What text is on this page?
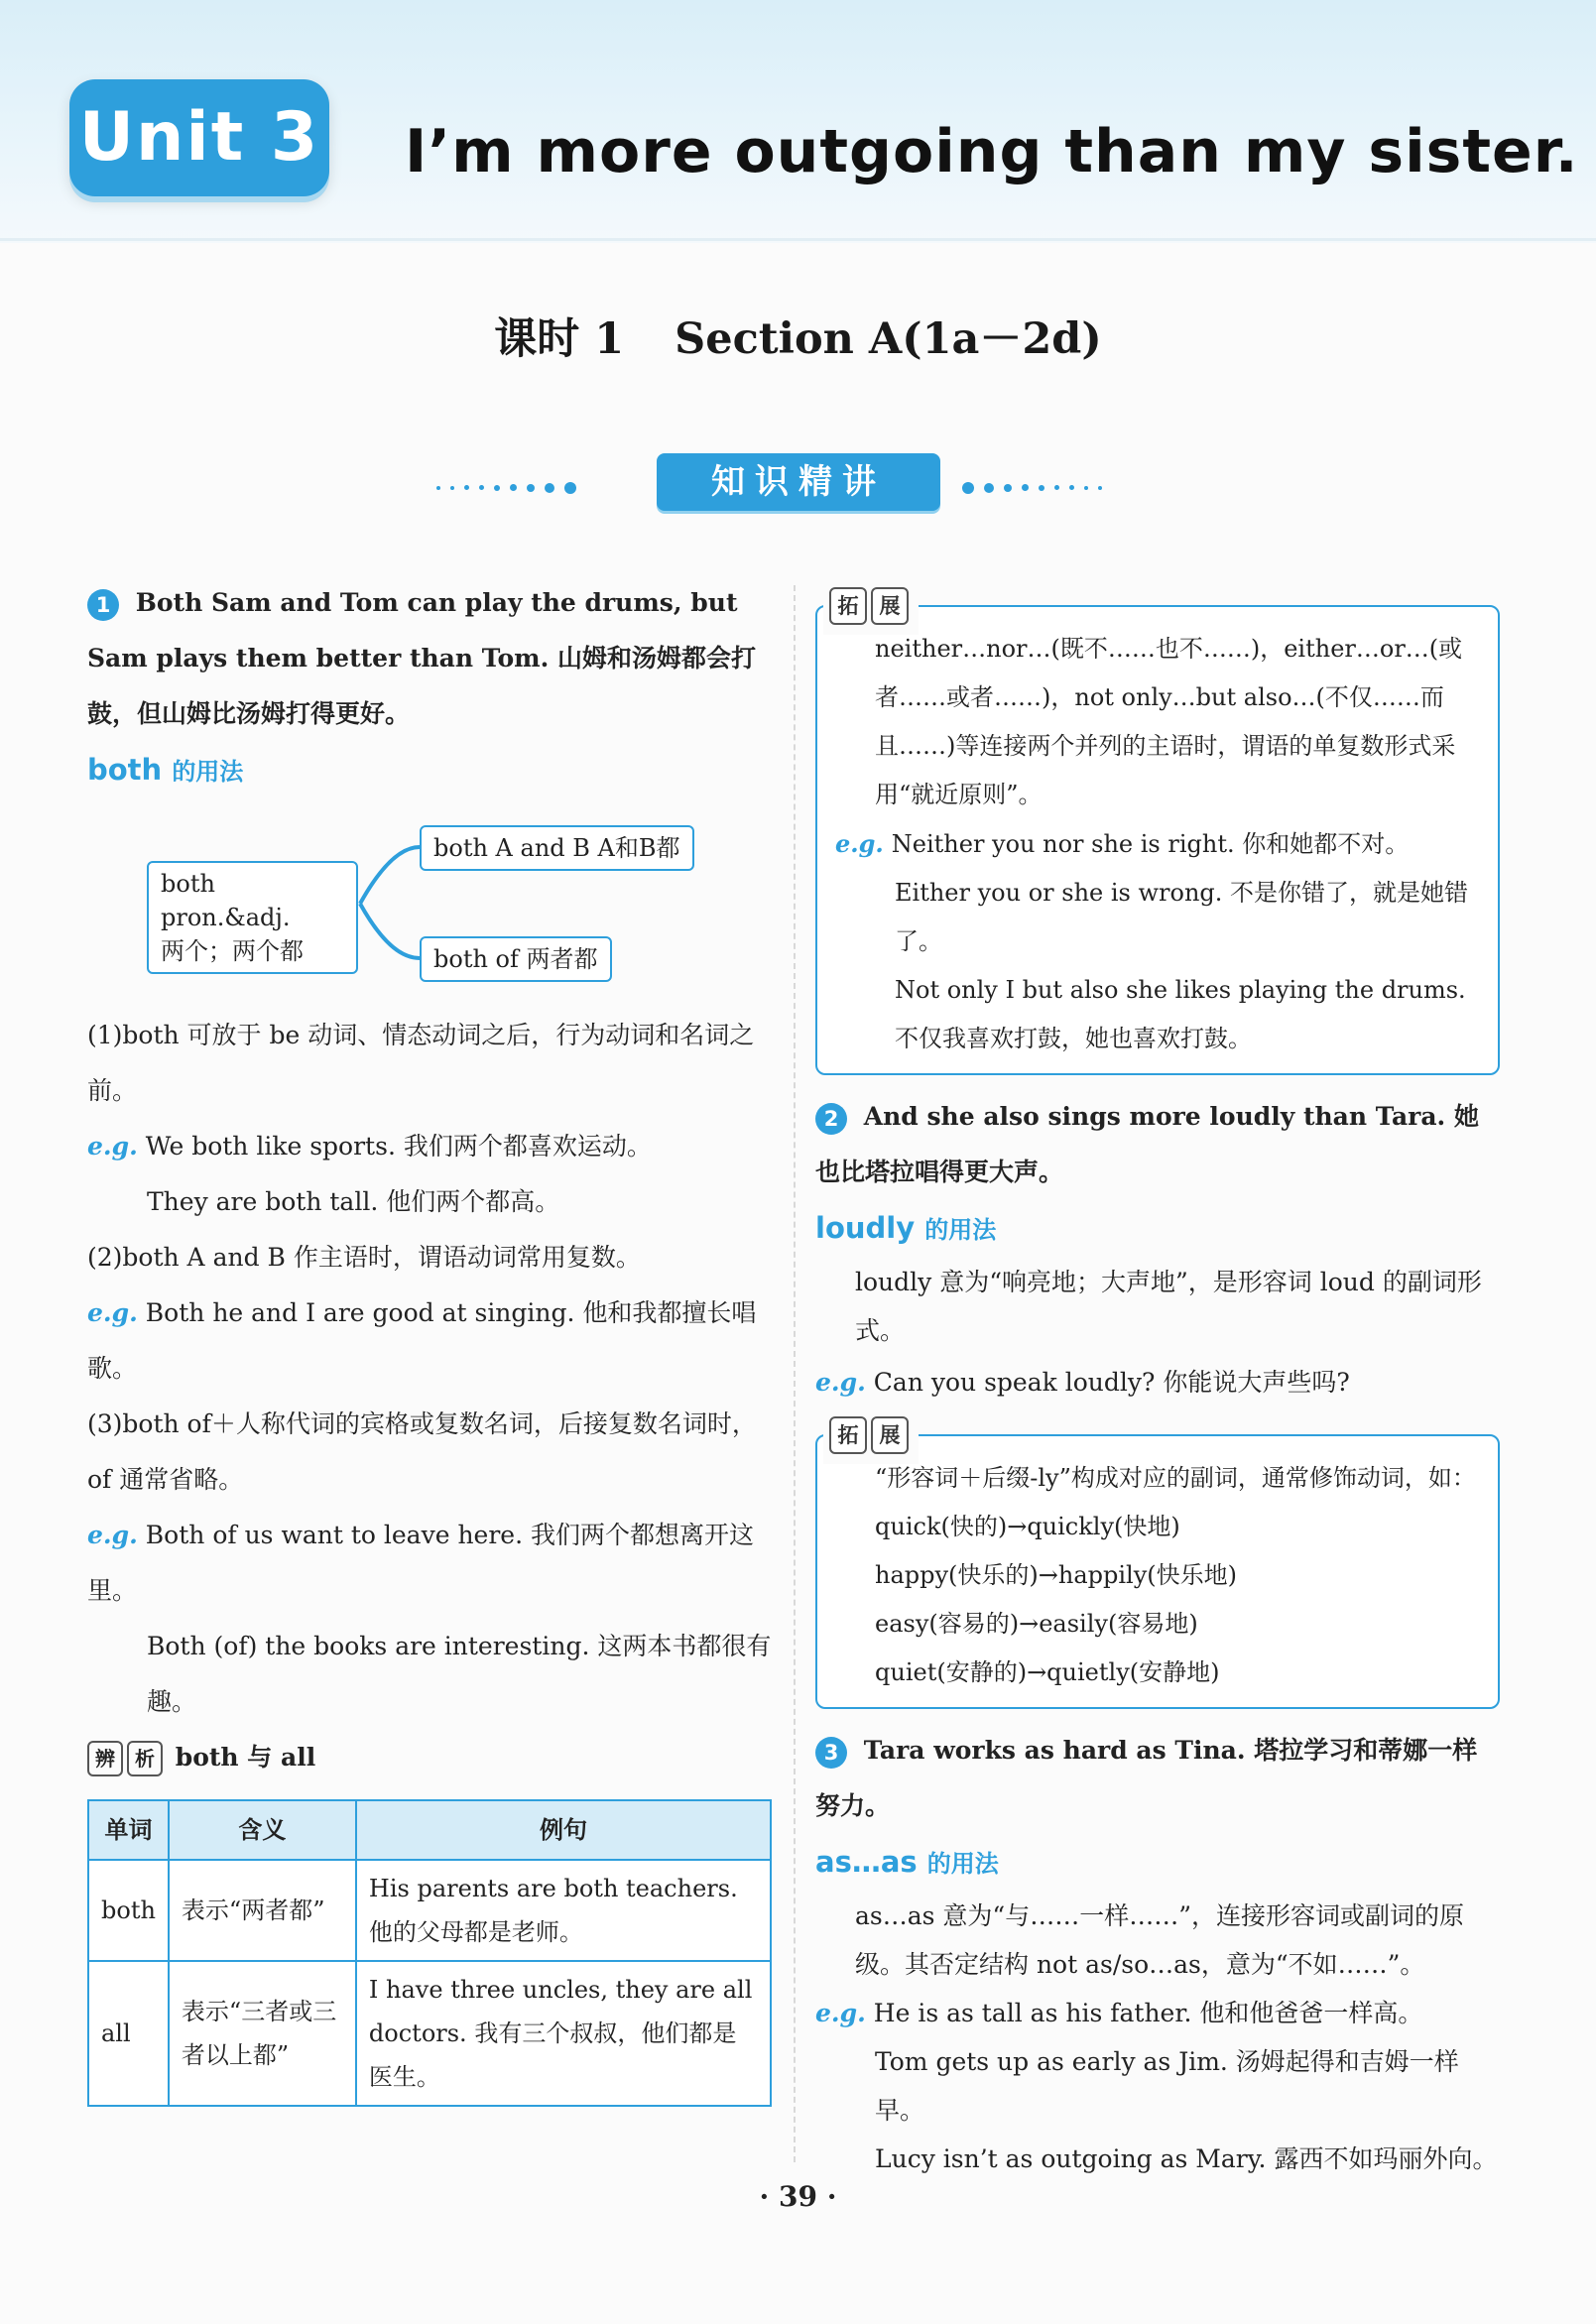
Unit 3 I’m more outgoing than my sister.
课时 1 Section A(1a－2d)
知识精讲

1 Both Sam and Tom can play the drums, but Sam plays them better than Tom. 山姆和汤姆都会打鼓，但山姆比汤姆打得更好。

both 的用法
both pron.&adj.
两个；两个都
both A and B A和B都
both of 两者都

(1)both 可放于 be 动词、情态动词之后，行为动词和名词之前。

e.g. We both like sports. 我们两个都喜欢运动。

They are both tall. 他们两个都高。

(2)both A and B 作主语时，谓语动词常用复数。

e.g. Both he and I are good at singing. 他和我都擅长唱歌。

(3)both of＋人称代词的宾格或复数名词，后接复数名词时，of 通常省略。

e.g. Both of us want to leave here. 我们两个都想离开这里。

Both (of) the books are interesting. 这两本书都很有趣。

辨 析 both 与 all
单词	含义	例句
both	表示“两者都”	His parents are both teachers. 他的父母都是老师。
all	表示“三者或三者以上都”	I have three uncles, they are all doctors. 我有三个叔叔，他们都是医生。
拓 展
neither…nor…(既不……也不……)，either…or…(或者……或者……)，not only…but also…(不仅……而且……)等连接两个并列的主语时，谓语的单复数形式采用“就近原则”。
e.g. Neither you nor she is right. 你和她都不对。
Either you or she is wrong. 不是你错了，就是她错了。
Not only I but also she likes playing the drums. 不仅我喜欢打鼓，她也喜欢打鼓。

2 And she also sings more loudly than Tara. 她也比塔拉唱得更大声。

loudly 的用法

loudly 意为“响亮地；大声地”，是形容词 loud 的副词形式。

e.g. Can you speak loudly? 你能说大声些吗?

拓 展
“形容词＋后缀-ly”构成对应的副词，通常修饰动词，如：
quick(快的)→quickly(快地)
happy(快乐的)→happily(快乐地)
easy(容易的)→easily(容易地)
quiet(安静的)→quietly(安静地)

3 Tara works as hard as Tina. 塔拉学习和蒂娜一样努力。

as…as 的用法

as…as 意为“与……一样……”，连接形容词或副词的原级。其否定结构 not as/so…as，意为“不如……”。

e.g. He is as tall as his father. 他和他爸爸一样高。

Tom gets up as early as Jim. 汤姆起得和吉姆一样早。

Lucy isn’t as outgoing as Mary. 露西不如玛丽外向。

· 39 ·
